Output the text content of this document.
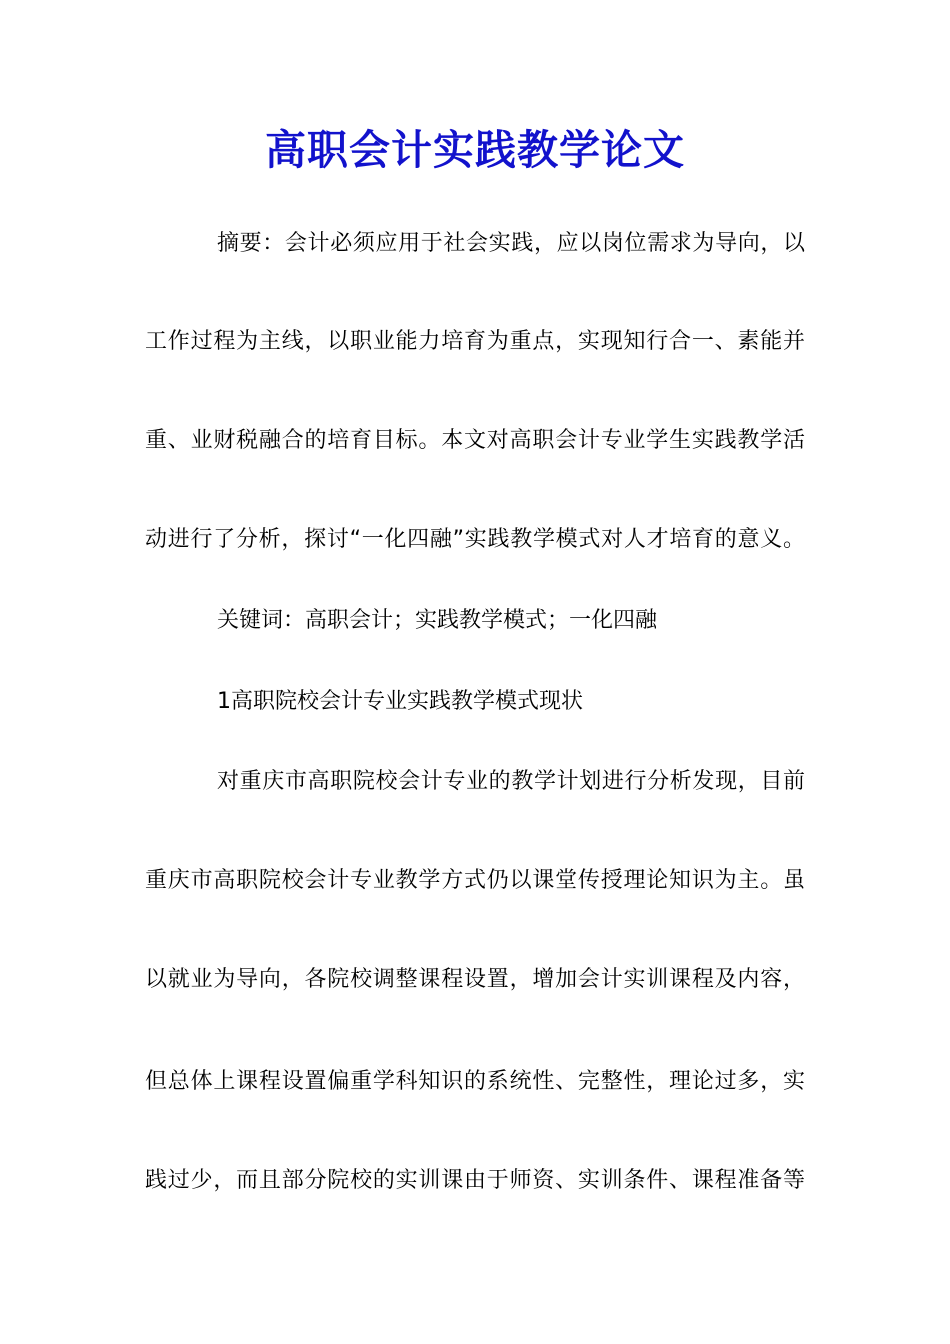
高职会计实践教学论文
摘要：会计必须应用于社会实践，应以岗位需求为导向，以
工作过程为主线，以职业能力培育为重点，实现知行合一、素能并
重、业财税融合的培育目标。本文对高职会计专业学生实践教学活
动进行了分析，探讨“一化四融”实践教学模式对人才培育的意义。
关键词：高职会计；实践教学模式；一化四融
1高职院校会计专业实践教学模式现状
对重庆市高职院校会计专业的教学计划进行分析发现，目前
重庆市高职院校会计专业教学方式仍以课堂传授理论知识为主。虽
以就业为导向，各院校调整课程设置，增加会计实训课程及内容，
但总体上课程设置偏重学科知识的系统性、完整性，理论过多，实
践过少，而且部分院校的实训课由于师资、实训条件、课程准备等
